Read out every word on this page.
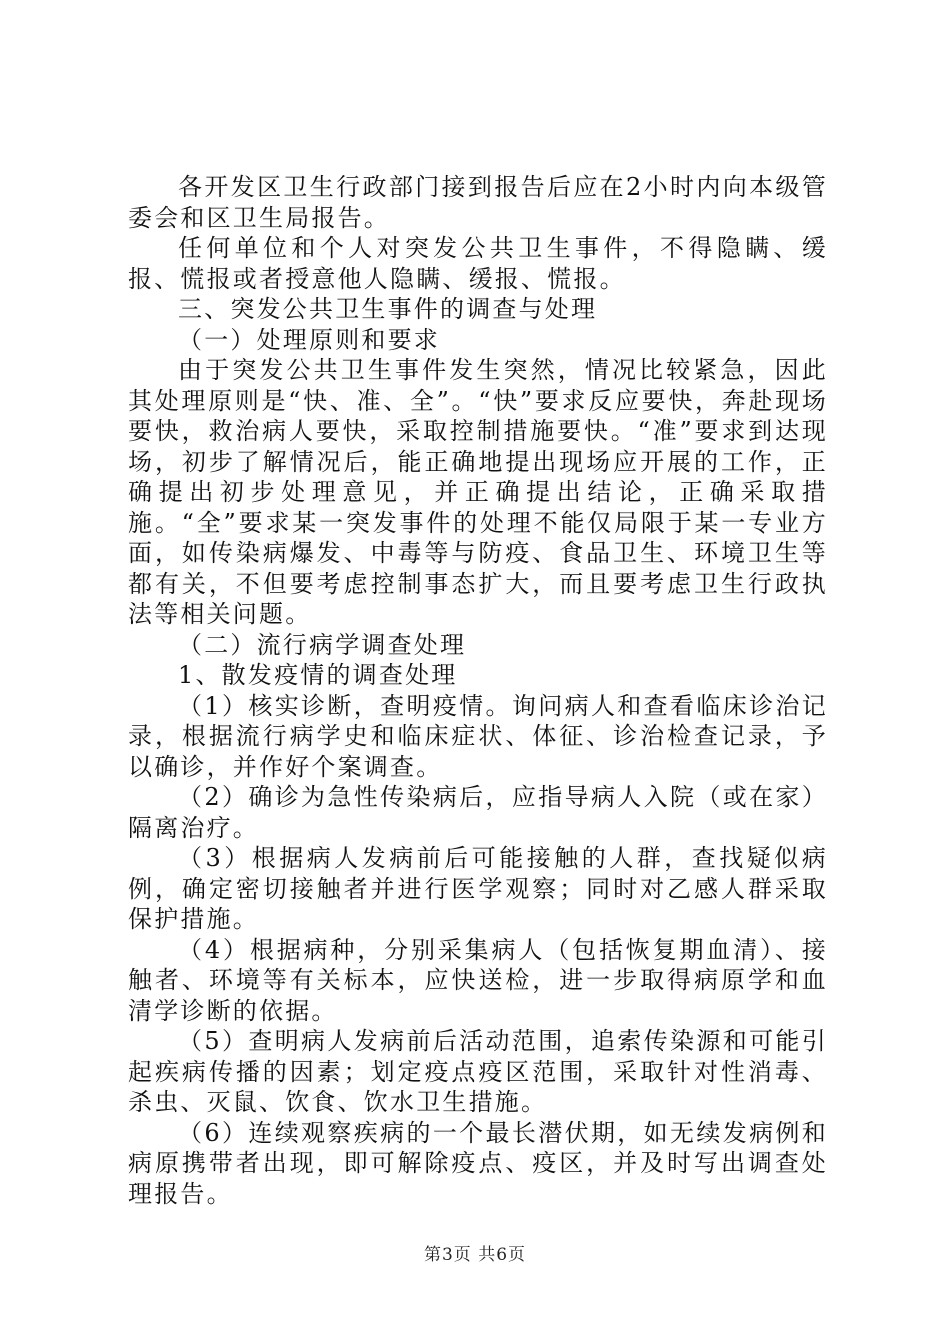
各开发区卫生行政部门接到报告后应在2小时内向本级管委会和区卫生局报告。

任何单位和个人对突发公共卫生事件，不得隐瞒、缓报、慌报或者授意他人隐瞒、缓报、慌报。

三、突发公共卫生事件的调查与处理

（一）处理原则和要求

由于突发公共卫生事件发生突然，情况比较紧急，因此其处理原则是“快、准、全”。“快”要求反应要快，奔赴现场要快，救治病人要快，采取控制措施要快。“准”要求到达现场，初步了解情况后，能正确地提出现场应开展的工作，正确提出初步处理意见，并正确提出结论，正确采取措施。“全”要求某一突发事件的处理不能仅局限于某一专业方面，如传染病爆发、中毒等与防疫、食品卫生、环境卫生等都有关，不但要考虑控制事态扩大，而且要考虑卫生行政执法等相关问题。

（二）流行病学调查处理

1、散发疫情的调查处理

（1）核实诊断，查明疫情。询问病人和查看临床诊治记录，根据流行病学史和临床症状、体征、诊治检查记录，予以确诊，并作好个案调查。

（2）确诊为急性传染病后，应指导病人入院（或在家）隔离治疗。

（3）根据病人发病前后可能接触的人群，查找疑似病例，确定密切接触者并进行医学观察；同时对乙感人群采取保护措施。

（4）根据病种，分别采集病人（包括恢复期血清）、接触者、环境等有关标本，应快送检，进一步取得病原学和血清学诊断的依据。

（5）查明病人发病前后活动范围，追索传染源和可能引起疾病传播的因素；划定疫点疫区范围，采取针对性消毒、杀虫、灭鼠、饮食、饮水卫生措施。

（6）连续观察疾病的一个最长潜伏期，如无续发病例和病原携带者出现，即可解除疫点、疫区，并及时写出调查处理报告。

第3页 共6页
